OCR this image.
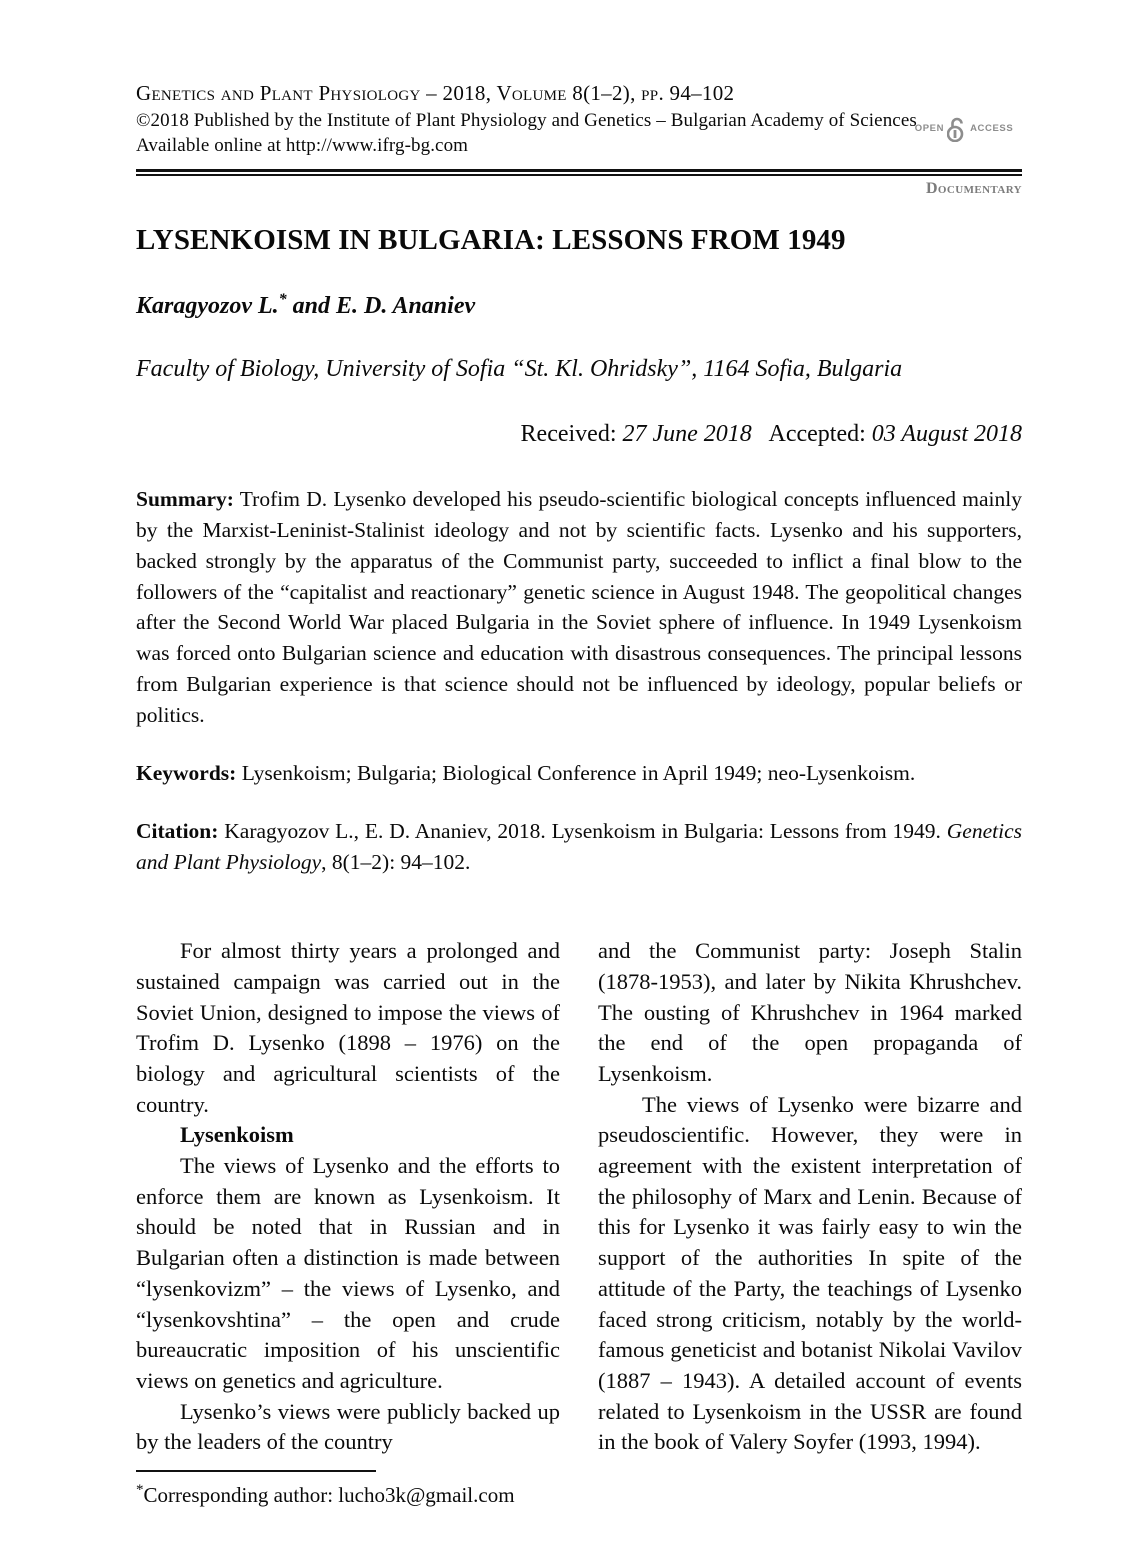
Genetics and Plant Physiology – 2018, Volume 8(1–2), pp. 94–102
©2018 Published by the Institute of Plant Physiology and Genetics – Bulgarian Academy of Sciences
Available online at http://www.ifrg-bg.com
OPEN	ACCESS
Documentary
LYSENKOISM IN BULGARIA: LESSONS FROM 1949
Karagyozov L.* and E. D. Ananiev
Faculty of Biology, University of Sofia “St. Kl. Ohridsky”, 1164 Sofia, Bulgaria
Received: 27 June 2018 Accepted: 03 August 2018
Summary: Trofim D. Lysenko developed his pseudo-scientific biological concepts influenced mainly by the Marxist-Leninist-Stalinist ideology and not by scientific facts. Lysenko and his supporters, backed strongly by the apparatus of the Communist party, succeeded to inflict a final blow to the followers of the “capitalist and reactionary” genetic science in August 1948. The geopolitical changes after the Second World War placed Bulgaria in the Soviet sphere of influence. In 1949 Lysenkoism was forced onto Bulgarian science and education with disastrous consequences. The principal lessons from Bulgarian experience is that science should not be influenced by ideology, popular beliefs or politics.
Keywords: Lysenkoism; Bulgaria; Biological Conference in April 1949; neo-Lysenkoism.
Citation: Karagyozov L., E. D. Ananiev, 2018. Lysenkoism in Bulgaria: Lessons from 1949. Genetics and Plant Physiology, 8(1–2): 94–102.

For almost thirty years a prolonged and sustained campaign was carried out in the Soviet Union, designed to impose the views of Trofim D. Lysenko (1898 – 1976) on the biology and agricultural scientists of the country.

Lysenkoism

The views of Lysenko and the efforts to enforce them are known as Lysenkoism. It should be noted that in Russian and in Bulgarian often a distinction is made between “lysenkovizm” – the views of Lysenko, and “lysenkovshtina” – the open and crude bureaucratic imposition of his unscientific views on genetics and agriculture.

Lysenko’s views were publicly backed up by the leaders of the country

and the Communist party: Joseph Stalin (1878-1953), and later by Nikita Khrushchev. The ousting of Khrushchev in 1964 marked the end of the open propaganda of Lysenkoism.

The views of Lysenko were bizarre and pseudoscientific. However, they were in agreement with the existent interpretation of the philosophy of Marx and Lenin. Because of this for Lysenko it was fairly easy to win the support of the authorities In spite of the attitude of the Party, the teachings of Lysenko faced strong criticism, notably by the world-famous geneticist and botanist Nikolai Vavilov (1887 – 1943). A detailed account of events related to Lysenkoism in the USSR are found in the book of Valery Soyfer (1993, 1994).

*Corresponding author: lucho3k@gmail.com
